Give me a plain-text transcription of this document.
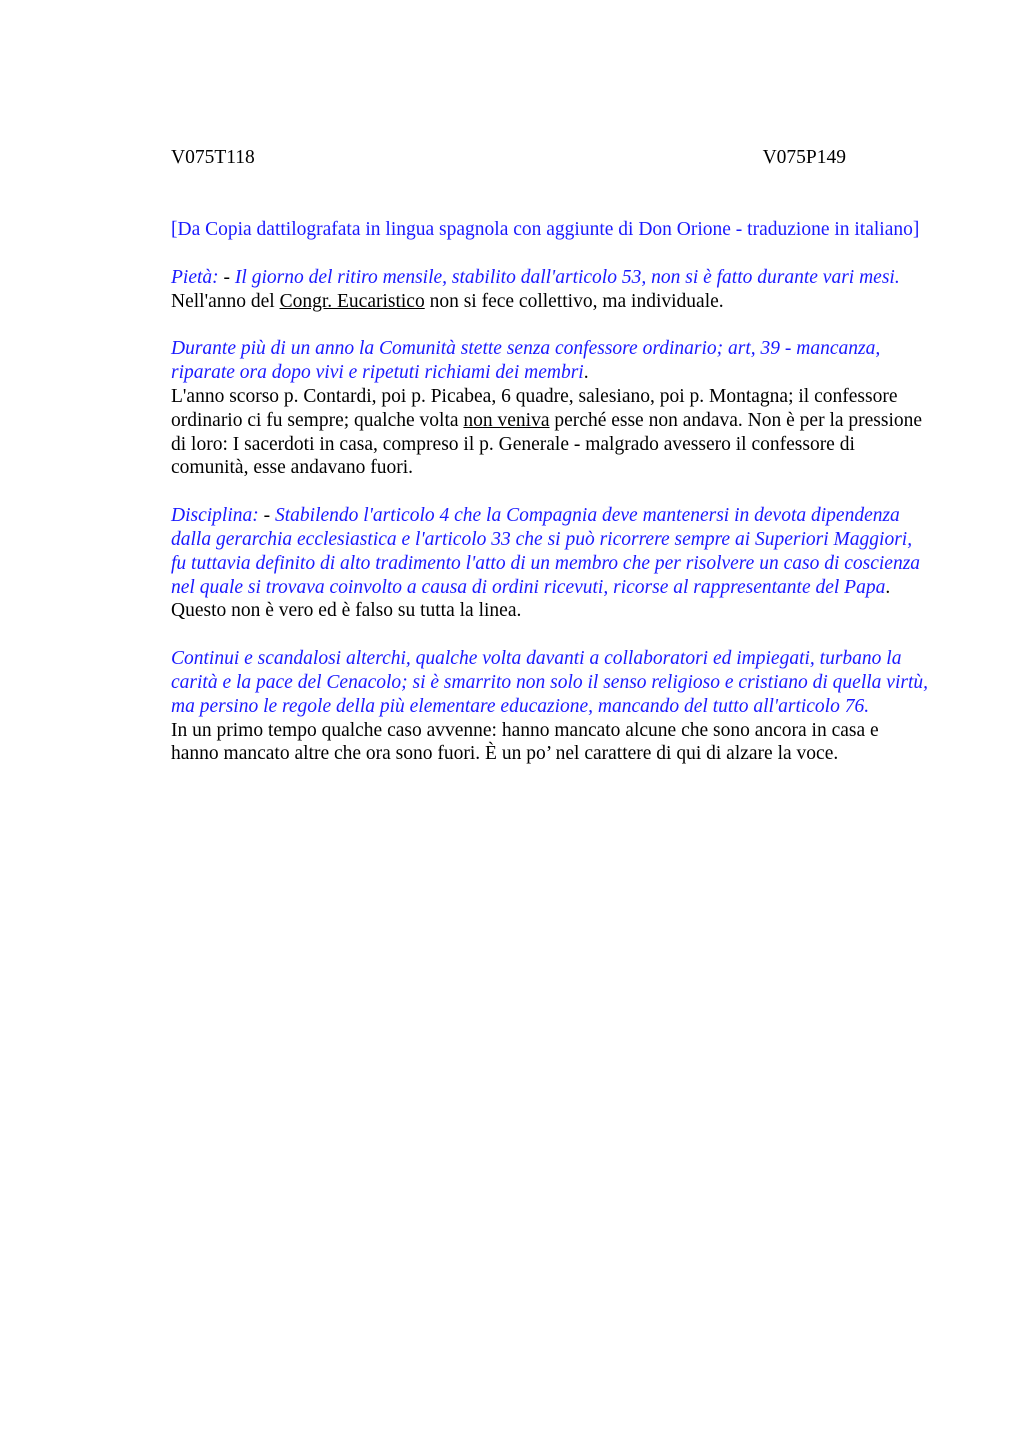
V075T118	V075P149

[Da Copia dattilografata in lingua spagnola con aggiunte di Don Orione - traduzione in italiano]

Pietà: - Il giorno del ritiro mensile, stabilito dall'articolo 53, non si è fatto durante vari mesi.

Nell'anno del Congr. Eucaristico non si fece collettivo, ma individuale.

Durante più di un anno la Comunità stette senza confessore ordinario; art, 39 - mancanza, riparate ora dopo vivi e ripetuti richiami dei membri.

L'anno scorso p. Contardi, poi p. Picabea, 6 quadre, salesiano, poi p. Montagna; il confessore ordinario ci fu sempre; qualche volta non veniva perché esse non andava. Non è per la pressione di loro: I sacerdoti in casa, compreso il p. Generale - malgrado avessero il confessore di comunità, esse andavano fuori.

Disciplina: - Stabilendo l'articolo 4 che la Compagnia deve mantenersi in devota dipendenza dalla gerarchia ecclesiastica e l'articolo 33 che si può ricorrere sempre ai Superiori Maggiori, fu tuttavia definito di alto tradimento l'atto di un membro che per risolvere un caso di coscienza nel quale si trovava coinvolto a causa di ordini ricevuti, ricorse al rappresentante del Papa.

Questo non è vero ed è falso su tutta la linea.

Continui e scandalosi alterchi, qualche volta davanti a collaboratori ed impiegati, turbano la carità e la pace del Cenacolo; si è smarrito non solo il senso religioso e cristiano di quella virtù, ma persino le regole della più elementare educazione, mancando del tutto all'articolo 76.

In un primo tempo qualche caso avvenne: hanno mancato alcune che sono ancora in casa e hanno mancato altre che ora sono fuori. È un po’ nel carattere di qui di alzare la voce.
